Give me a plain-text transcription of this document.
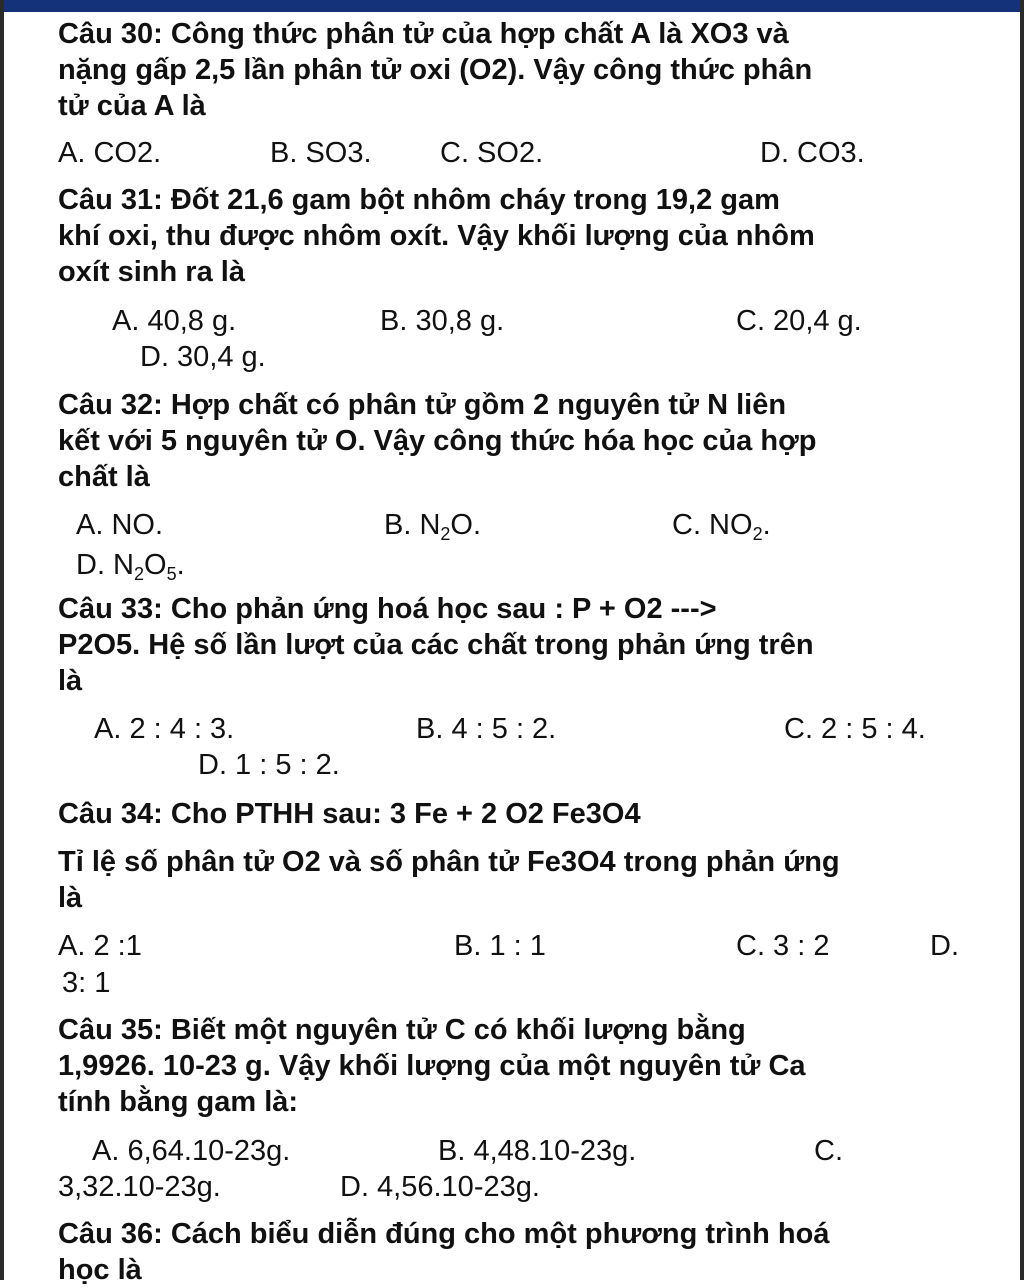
Câu 30: Công thức phân tử của hợp chất A là XO3 và
nặng gấp 2,5 lần phân tử oxi (O2). Vậy công thức phân
tử của A là
A. CO2.	B. SO3. C. SO2.	D. CO3.
Câu 31: Đốt 21,6 gam bột nhôm cháy trong 19,2 gam
khí oxi, thu được nhôm oxít. Vậy khối lượng của nhôm
oxít sinh ra là
A. 40,8 g.	B. 30,8 g.	C. 20,4 g.
D. 30,4 g.
Câu 32: Hợp chất có phân tử gồm 2 nguyên tử N liên
kết với 5 nguyên tử O. Vậy công thức hóa học của hợp
chất là
A. NO.	B. $N_2O$.	C. $NO_2$.
D. $N_2O_5$.
Câu 33: Cho phản ứng hoá học sau : P + O2 --->
P2O5. Hệ số lần lượt của các chất trong phản ứng trên
là
A. 2 : 4 : 3.	B. 4 : 5 : 2.	C. 2 : 5 : 4.
D. 1 : 5 : 2.
Câu 34: Cho PTHH sau: 3 Fe + 2 O2 Fe3O4
Tỉ lệ số phân tử O2 và số phân tử Fe3O4 trong phản ứng
là
A. 2 :1	B. 1 : 1	C. 3 : 2	D.
3: 1
Câu 35: Biết một nguyên tử C có khối lượng bằng
1,9926. 10-23 g. Vậy khối lượng của một nguyên tử Ca
tính bằng gam là:
A. 6,64.10-23g.	B. 4,48.10-23g.	C.
3,32.10-23g.	D. 4,56.10-23g.
Câu 36: Cách biểu diễn đúng cho một phương trình hoá
học là
